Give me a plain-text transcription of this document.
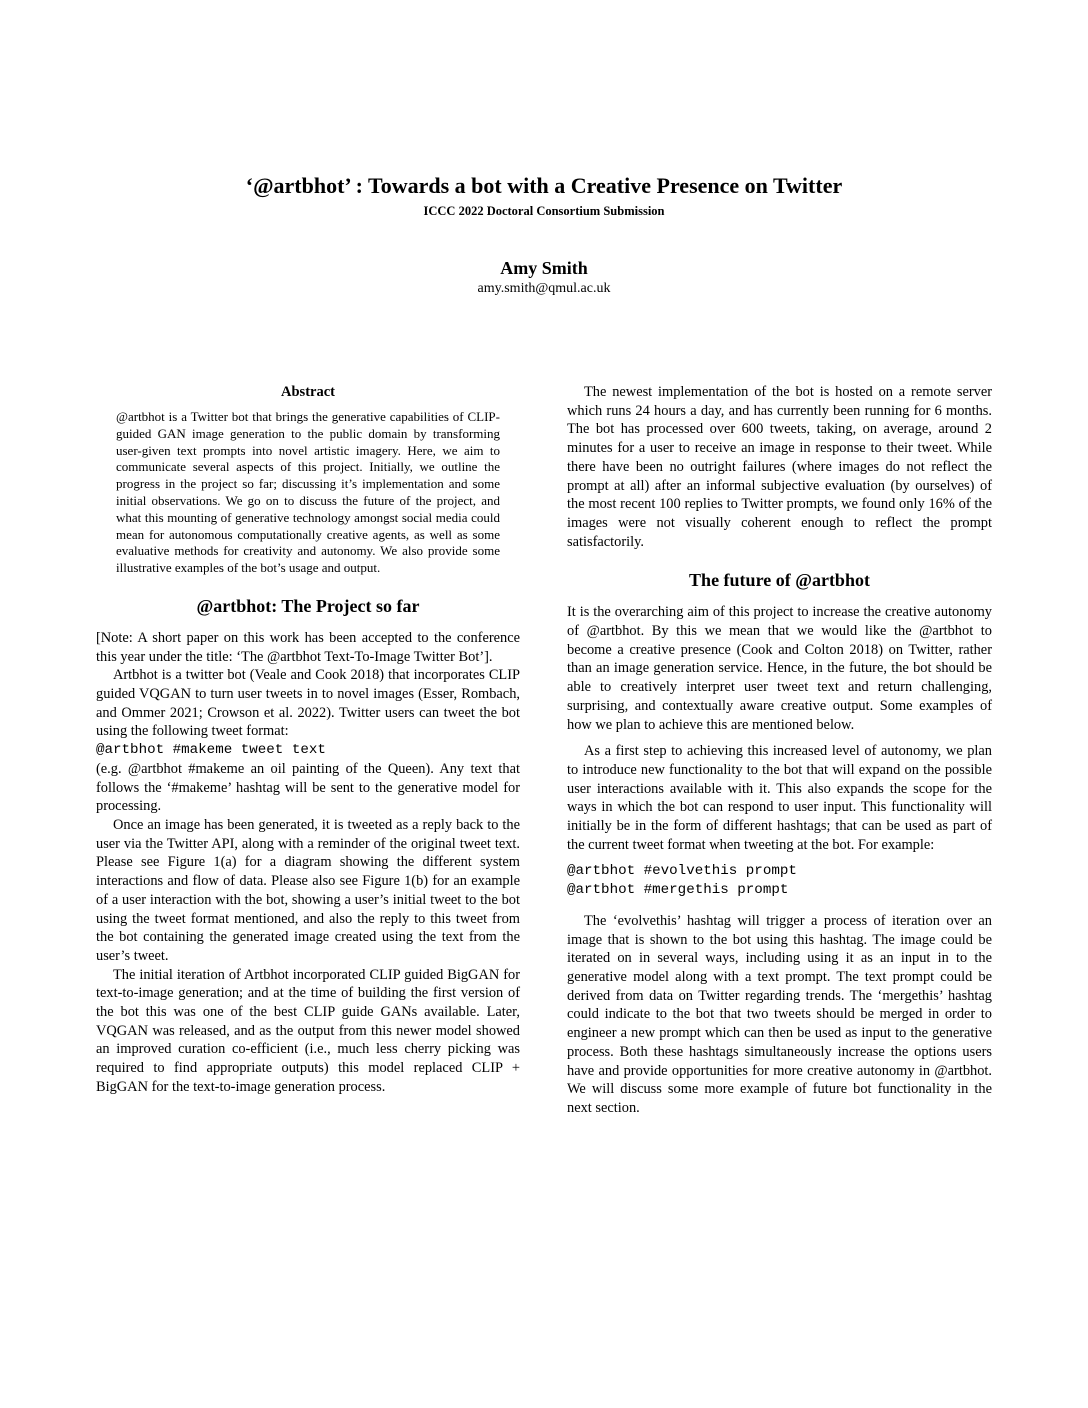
‘@artbhot’ : Towards a bot with a Creative Presence on Twitter
ICCC 2022 Doctoral Consortium Submission
Amy Smith
amy.smith@qmul.ac.uk
Abstract

@artbhot is a Twitter bot that brings the generative capabilities of CLIP-guided GAN image generation to the public domain by transforming user-given text prompts into novel artistic imagery. Here, we aim to communicate several aspects of this project. Initially, we outline the progress in the project so far; discussing it’s implementation and some initial observations. We go on to discuss the future of the project, and what this mounting of generative technology amongst social media could mean for autonomous computationally creative agents, as well as some evaluative methods for creativity and autonomy. We also provide some illustrative examples of the bot’s usage and output.

@artbhot: The Project so far

[Note: A short paper on this work has been accepted to the conference this year under the title: ‘The @artbhot Text-To-Image Twitter Bot’].

Artbhot is a twitter bot (Veale and Cook 2018) that incorporates CLIP guided VQGAN to turn user tweets in to novel images (Esser, Rombach, and Ommer 2021; Crowson et al. 2022). Twitter users can tweet the bot using the following tweet format:

@artbhot #makeme tweet text

(e.g. @artbhot #makeme an oil painting of the Queen). Any text that follows the ‘#makeme’ hashtag will be sent to the generative model for processing.

Once an image has been generated, it is tweeted as a reply back to the user via the Twitter API, along with a reminder of the original tweet text. Please see Figure 1(a) for a diagram showing the different system interactions and flow of data. Please also see Figure 1(b) for an example of a user interaction with the bot, showing a user’s initial tweet to the bot using the tweet format mentioned, and also the reply to this tweet from the bot containing the generated image created using the text from the user’s tweet.

The initial iteration of Artbhot incorporated CLIP guided BigGAN for text-to-image generation; and at the time of building the first version of the bot this was one of the best CLIP guide GANs available. Later, VQGAN was released, and as the output from this newer model showed an improved curation co-efficient (i.e., much less cherry picking was required to find appropriate outputs) this model replaced CLIP + BigGAN for the text-to-image generation process.

The newest implementation of the bot is hosted on a remote server which runs 24 hours a day, and has currently been running for 6 months. The bot has processed over 600 tweets, taking, on average, around 2 minutes for a user to receive an image in response to their tweet. While there have been no outright failures (where images do not reflect the prompt at all) after an informal subjective evaluation (by ourselves) of the most recent 100 replies to Twitter prompts, we found only 16% of the images were not visually coherent enough to reflect the prompt satisfactorily.

The future of @artbhot

It is the overarching aim of this project to increase the creative autonomy of @artbhot. By this we mean that we would like the @artbhot to become a creative presence (Cook and Colton 2018) on Twitter, rather than an image generation service. Hence, in the future, the bot should be able to creatively interpret user tweet text and return challenging, surprising, and contextually aware creative output. Some examples of how we plan to achieve this are mentioned below.

As a first step to achieving this increased level of autonomy, we plan to introduce new functionality to the bot that will expand on the possible user interactions available with it. This also expands the scope for the ways in which the bot can respond to user input. This functionality will initially be in the form of different hashtags; that can be used as part of the current tweet format when tweeting at the bot. For example:

@artbhot #evolvethis prompt
@artbhot #mergethis prompt

The ‘evolvethis’ hashtag will trigger a process of iteration over an image that is shown to the bot using this hashtag. The image could be iterated on in several ways, including using it as an input in to the generative model along with a text prompt. The text prompt could be derived from data on Twitter regarding trends. The ‘mergethis’ hashtag could indicate to the bot that two tweets should be merged in order to engineer a new prompt which can then be used as input to the generative process. Both these hashtags simultaneously increase the options users have and provide opportunities for more creative autonomy in @artbhot. We will discuss some more example of future bot functionality in the next section.
